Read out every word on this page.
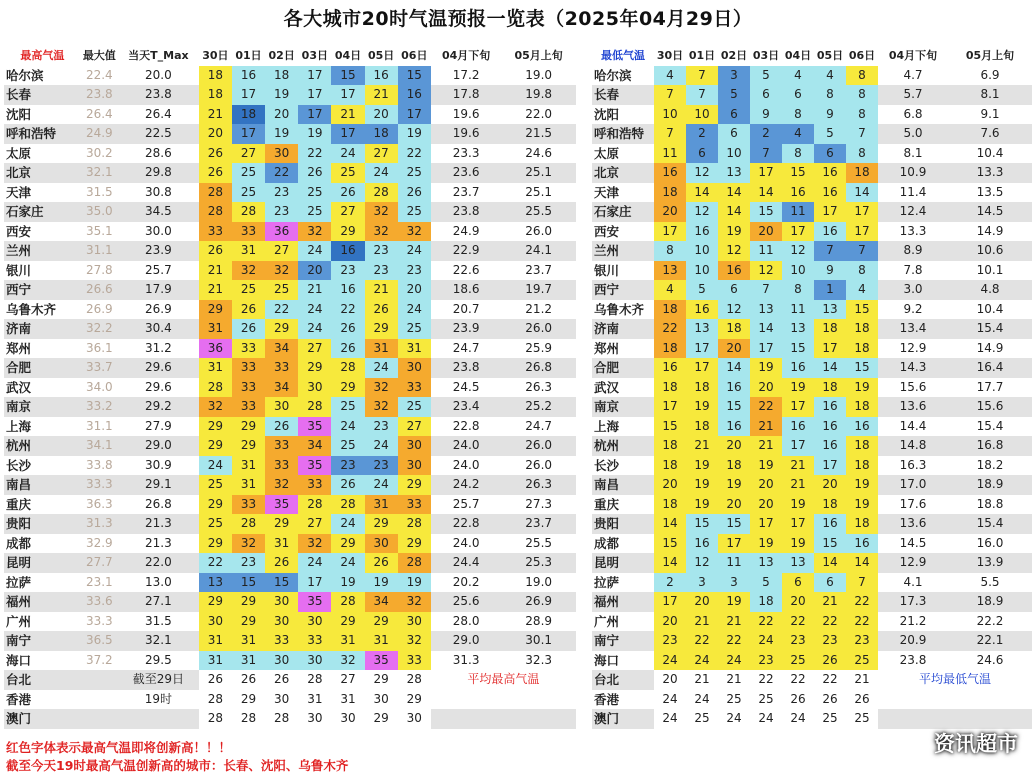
各大城市20时气温预报一览表（2025年04月29日）
最高气温	最大值	当天T_Max	30日	01日	02日	03日	04日	05日	06日	04月下旬	05月上旬
哈尔滨	22.4	20.0	18	16	18	17	15	16	15	17.2	19.0
长春	23.8	23.8	18	17	19	17	17	21	16	17.8	19.8
沈阳	26.4	26.4	21	18	20	17	21	20	17	19.6	22.0
呼和浩特	24.9	22.5	20	17	19	19	17	18	19	19.6	21.5
太原	30.2	28.6	26	27	30	22	24	27	22	23.3	24.6
北京	32.1	29.8	26	25	22	26	25	24	25	23.6	25.1
天津	31.5	30.8	28	25	23	25	26	28	26	23.7	25.1
石家庄	35.0	34.5	28	28	23	25	27	32	25	23.8	25.5
西安	35.1	30.0	33	33	36	32	29	32	32	24.9	26.0
兰州	31.1	23.9	26	31	27	24	16	23	24	22.9	24.1
银川	27.8	25.7	21	32	32	20	23	23	23	22.6	23.7
西宁	26.6	17.9	21	25	25	21	16	21	20	18.6	19.7
乌鲁木齐	26.9	26.9	29	26	22	24	22	26	24	20.7	21.2
济南	32.2	30.4	31	26	29	24	26	29	25	23.9	26.0
郑州	36.1	31.2	36	33	34	27	26	31	31	24.7	25.9
合肥	33.7	29.6	31	33	33	29	28	24	30	23.8	26.8
武汉	34.0	29.6	28	33	34	30	29	32	33	24.5	26.3
南京	33.2	29.2	32	33	30	28	25	32	25	23.4	25.2
上海	31.1	27.9	29	29	26	35	24	23	27	22.8	24.7
杭州	34.1	29.0	29	29	33	34	25	24	30	24.0	26.0
长沙	33.8	30.9	24	31	33	35	23	23	30	24.0	26.0
南昌	33.3	29.1	25	31	32	33	26	24	29	24.2	26.3
重庆	36.3	26.8	29	33	35	28	28	31	33	25.7	27.3
贵阳	31.3	21.3	25	28	29	27	24	29	28	22.8	23.7
成都	32.9	21.3	29	32	31	32	29	30	29	24.0	25.5
昆明	27.7	22.0	22	23	26	24	24	26	28	24.4	25.3
拉萨	23.1	13.0	13	15	15	17	19	19	19	20.2	19.0
福州	33.6	27.1	29	29	30	35	28	34	32	25.6	26.9
广州	33.3	31.5	30	29	30	30	29	29	30	28.0	28.9
南宁	36.5	32.1	31	31	33	33	31	31	32	29.0	30.1
海口	37.2	29.5	31	31	30	30	32	35	33	31.3	32.3
台北		截至29日	26	26	26	28	27	29	28	平均最高气温	
香港		19时	28	29	30	31	31	30	29		
澳门			28	28	28	30	30	29	30		
最低气温	30日	01日	02日	03日	04日	05日	06日	04月下旬	05月上旬
哈尔滨	4	7	3	5	4	4	8	4.7	6.9
长春	7	7	5	6	6	8	8	5.7	8.1
沈阳	10	10	6	9	8	9	8	6.8	9.1
呼和浩特	7	2	6	2	4	5	7	5.0	7.6
太原	11	6	10	7	8	6	8	8.1	10.4
北京	16	12	13	17	15	16	18	10.9	13.3
天津	18	14	14	14	16	16	14	11.4	13.5
石家庄	20	12	14	15	11	17	17	12.4	14.5
西安	17	16	19	20	17	16	17	13.3	14.9
兰州	8	10	12	11	12	7	7	8.9	10.6
银川	13	10	16	12	10	9	8	7.8	10.1
西宁	4	5	6	7	8	1	4	3.0	4.8
乌鲁木齐	18	16	12	13	11	13	15	9.2	10.4
济南	22	13	18	14	13	18	18	13.4	15.4
郑州	18	17	20	17	15	17	18	12.9	14.9
合肥	16	17	14	19	16	14	15	14.3	16.4
武汉	18	18	16	20	19	18	19	15.6	17.7
南京	17	19	15	22	17	16	18	13.6	15.6
上海	15	18	16	21	16	16	16	14.4	15.4
杭州	18	21	20	21	17	16	18	14.8	16.8
长沙	18	19	18	19	21	17	18	16.3	18.2
南昌	20	19	19	20	21	20	19	17.0	18.9
重庆	18	19	20	20	19	18	19	17.6	18.8
贵阳	14	15	15	17	17	16	18	13.6	15.4
成都	15	16	17	19	19	15	16	14.5	16.0
昆明	14	12	11	13	13	14	14	12.9	13.9
拉萨	2	3	3	5	6	6	7	4.1	5.5
福州	17	20	19	18	20	21	22	17.3	18.9
广州	20	21	21	22	22	22	22	21.2	22.2
南宁	23	22	22	24	23	23	23	20.9	22.1
海口	24	24	24	23	25	26	25	23.8	24.6
台北	20	21	21	22	22	22	21	平均最低气温	
香港	24	24	25	25	26	26	26		
澳门	24	25	24	24	24	25	25		
红色字体表示最高气温即将创新高！！！
截至今天19时最高气温创新高的城市：长春、沈阳、乌鲁木齐
资讯超市
